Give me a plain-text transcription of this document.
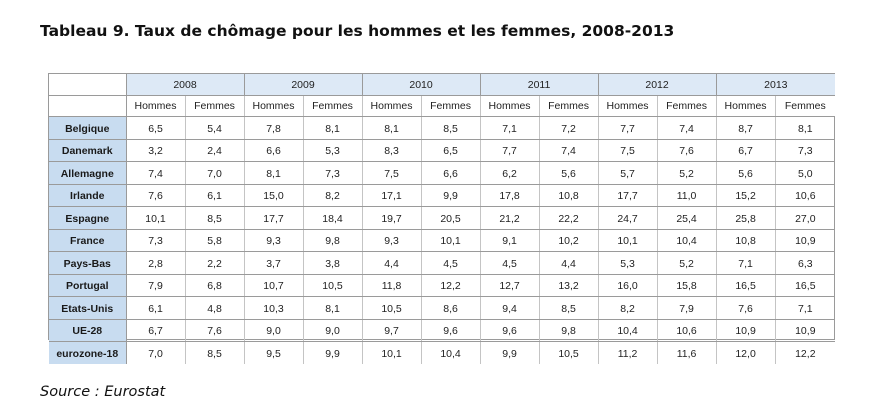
Tableau 9. Taux de chômage pour les hommes et les femmes, 2008-2013
	2008		2009		2010		2011		2012		2013	
	Hommes	Femmes	Hommes	Femmes	Hommes	Femmes	Hommes	Femmes	Hommes	Femmes	Hommes	Femmes
Belgique	6,5	5,4	7,8	8,1	8,1	8,5	7,1	7,2	7,7	7,4	8,7	8,1
Danemark	3,2	2,4	6,6	5,3	8,3	6,5	7,7	7,4	7,5	7,6	6,7	7,3
Allemagne	7,4	7,0	8,1	7,3	7,5	6,6	6,2	5,6	5,7	5,2	5,6	5,0
Irlande	7,6	6,1	15,0	8,2	17,1	9,9	17,8	10,8	17,7	11,0	15,2	10,6
Espagne	10,1	8,5	17,7	18,4	19,7	20,5	21,2	22,2	24,7	25,4	25,8	27,0
France	7,3	5,8	9,3	9,8	9,3	10,1	9,1	10,2	10,1	10,4	10,8	10,9
Pays-Bas	2,8	2,2	3,7	3,8	4,4	4,5	4,5	4,4	5,3	5,2	7,1	6,3
Portugal	7,9	6,8	10,7	10,5	11,8	12,2	12,7	13,2	16,0	15,8	16,5	16,5
Etats-Unis	6,1	4,8	10,3	8,1	10,5	8,6	9,4	8,5	8,2	7,9	7,6	7,1
UE-28	6,7	7,6	9,0	9,0	9,7	9,6	9,6	9,8	10,4	10,6	10,9	10,9
eurozone-18	7,0	8,5	9,5	9,9	10,1	10,4	9,9	10,5	11,2	11,6	12,0	12,2
Source : Eurostat
